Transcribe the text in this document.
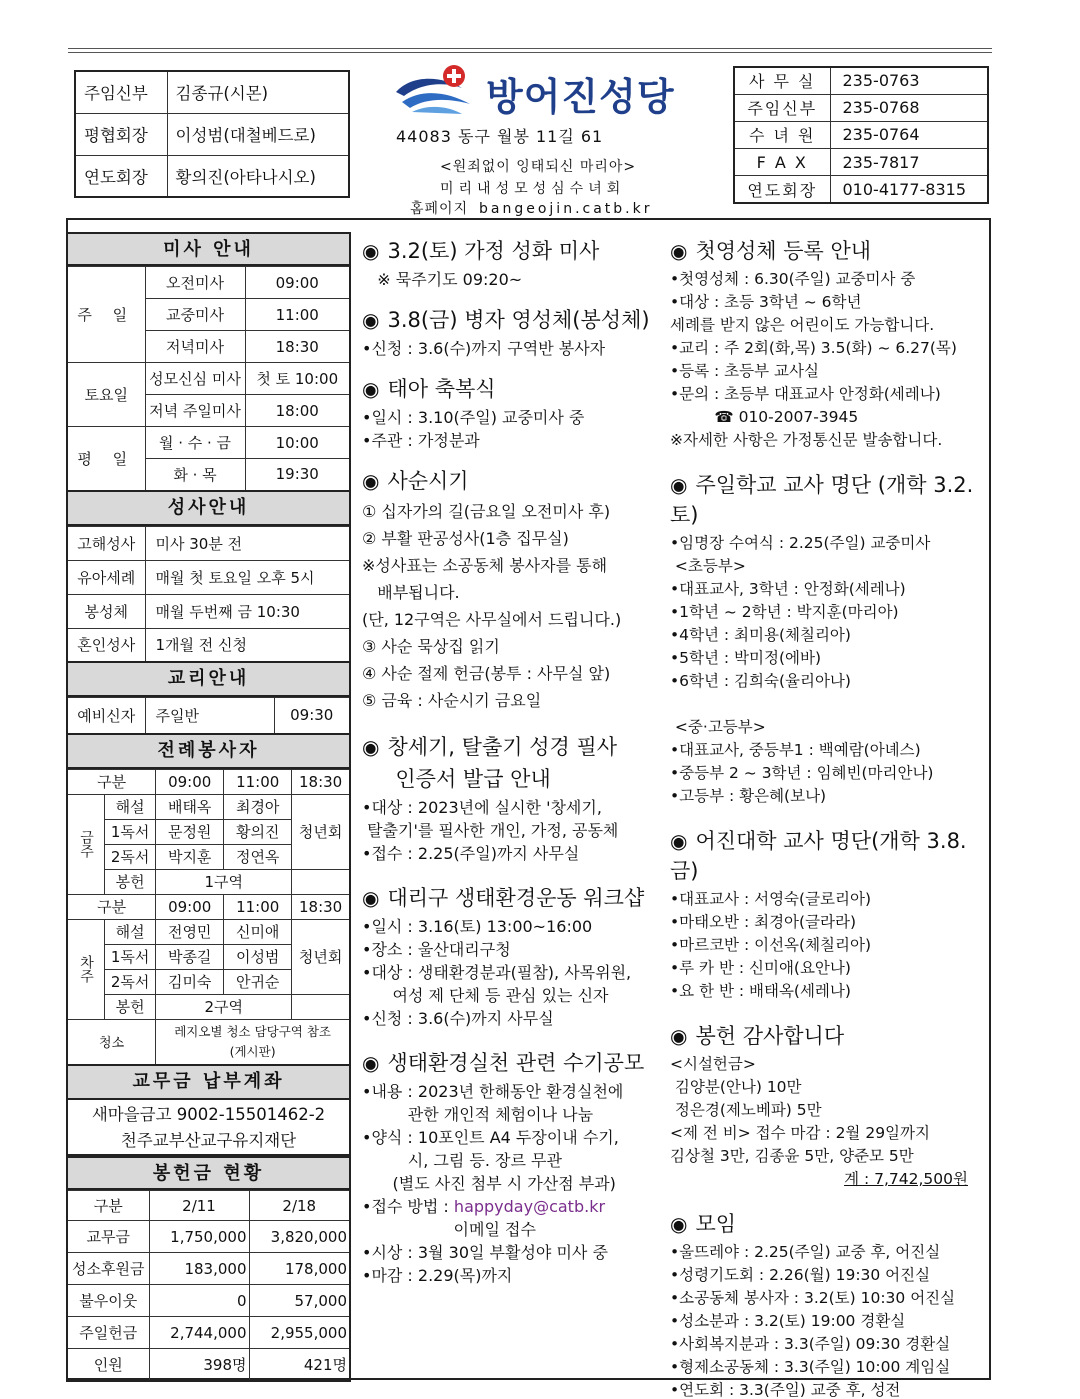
주임신부	김종규(시몬)
평협회장	이성범(대철베드로)
연도회장	황의진(아타나시오)
방어진성당
44083 동구 월봉 11길 61
<원죄없이 잉태되신 마리아>
미리내성모성심수녀회
홈페이지 bangeojin.catb.kr
사 무 실	235-0763
주임신부	235-0768
수 녀 원	235-0764
F A X	235-7817
연도회장	010-4177-8315
미사 안내
주 일	오전미사	09:00
	교중미사	11:00
	저녁미사	18:30
토요일	성모신심 미사	첫 토 10:00
	저녁 주일미사	18:00
평 일	월 · 수 · 금	10:00
	화 · 목	19:30
성사안내
고해성사	미사 30분 전
유아세례	매월 첫 토요일 오후 5시
봉성체	매월 두번째 금 10:30
혼인성사	1개월 전 신청
교리안내
예비신자	주일반	09:30
전례봉사자
구분		09:00	11:00	18:30
금주	해설	배태옥	최경아	청년회
	1독서	문정원	황의진	
	2독서	박지훈	정연옥	
	봉헌	1구역		
구분		09:00	11:00	18:30
차주	해설	전영민	신미애	청년회
	1독서	박종길	이성범	
	2독서	김미숙	안귀순	
	봉헌	2구역		
청소		레지오별 청소 담당구역 참조
(게시판)		
교무금 납부계좌
새마을금고 9002-15501462-2
천주교부산교구유지재단
봉헌금 현황
구분	2/11	2/18
교무금	1,750,000	3,820,000
성소후원금	183,000	178,000
불우이웃	0	57,000
주일헌금	2,744,000	2,955,000
인원	398명	421명
◉ 3.2(토) 가정 성화 미사

※ 묵주기도 09:20~

◉ 3.8(금) 병자 영성체(봉성체)

•신청 : 3.6(수)까지 구역반 봉사자

◉ 태아 축복식

•일시 : 3.10(주일) 교중미사 중

•주관 : 가정분과

◉ 사순시기

① 십자가의 길(금요일 오전미사 후)

② 부활 판공성사(1층 집무실)

※성사표는 소공동체 봉사자를 통해

배부됩니다.

(단, 12구역은 사무실에서 드립니다.)

③ 사순 묵상집 읽기

④ 사순 절제 헌금(봉투 : 사무실 앞)

⑤ 금육 : 사순시기 금요일

◉ 창세기, 탈출기 성경 필사
인증서 발급 안내

•대상 : 2023년에 실시한 '창세기,

탈출기'를 필사한 개인, 가정, 공동체

•접수 : 2.25(주일)까지 사무실

◉ 대리구 생태환경운동 워크샵

•일시 : 3.16(토) 13:00~16:00

•장소 : 울산대리구청

•대상 : 생태환경분과(필참), 사목위원,

여성 제 단체 등 관심 있는 신자

•신청 : 3.6(수)까지 사무실

◉ 생태환경실천 관련 수기공모

•내용 : 2023년 한해동안 환경실천에

관한 개인적 체험이나 나눔

•양식 : 10포인트 A4 두장이내 수기,

시, 그림 등. 장르 무관

(별도 사진 첨부 시 가산점 부과)

•접수 방법 : happyday@catb.kr

이메일 접수

•시상 : 3월 30일 부활성야 미사 중

•마감 : 2.29(목)까지

◉ 첫영성체 등록 안내

•첫영성체 : 6.30(주일) 교중미사 중

•대상 : 초등 3학년 ~ 6학년

세례를 받지 않은 어린이도 가능합니다.

•교리 : 주 2회(화,목) 3.5(화) ~ 6.27(목)

•등록 : 초등부 교사실

•문의 : 초등부 대표교사 안정화(세레나)

☎ 010-2007-3945

※자세한 사항은 가정통신문 발송합니다.

◉ 주일학교 교사 명단 (개학 3.2.토)

•임명장 수여식 : 2.25(주일) 교중미사

<초등부>

•대표교사, 3학년 : 안정화(세레나)

•1학년 ~ 2학년 : 박지훈(마리아)

•4학년 : 최미용(체칠리아)

•5학년 : 박미정(에바)

•6학년 : 김희숙(율리아나)

<중·고등부>

•대표교사, 중등부1 : 백예람(아녜스)

•중등부 2 ~ 3학년 : 임혜빈(마리안나)

•고등부 : 황은혜(보나)

◉ 어진대학 교사 명단(개학 3.8.금)

•대표교사 : 서영숙(글로리아)

•마태오반 : 최경아(글라라)

•마르코반 : 이선옥(체칠리아)

•루 카 반 : 신미애(요안나)

•요 한 반 : 배태옥(세레나)

◉ 봉헌 감사합니다

<시설헌금>

김양분(안나) 10만

정은경(제노베파) 5만

<제 전 비> 접수 마감 : 2월 29일까지

김상철 3만, 김종윤 5만, 양준모 5만

계 : 7,742,500원

◉ 모임

•울뜨레야 : 2.25(주일) 교중 후, 어진실

•성령기도회 : 2.26(월) 19:30 어진실

•소공동체 봉사자 : 3.2(토) 10:30 어진실

•성소분과 : 3.2(토) 19:00 경환실

•사회복지분과 : 3.3(주일) 09:30 경환실

•형제소공동체 : 3.3(주일) 10:00 계임실

•연도회 : 3.3(주일) 교중 후, 성전
